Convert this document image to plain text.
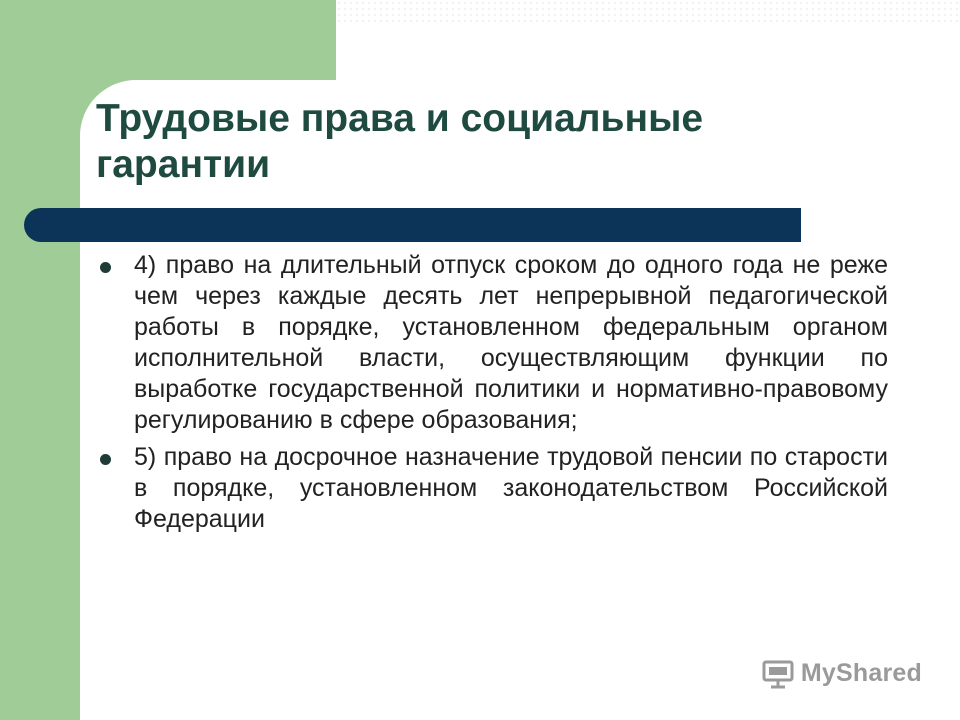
Трудовые права и социальные гарантии
4) право на длительный отпуск сроком до одного года не реже чем через каждые десять лет непрерывной педагогической работы в порядке, установленном федеральным органом исполнительной власти, осуществляющим функции по выработке государственной политики и нормативно-правовому регулированию в сфере образования;
5) право на досрочное назначение трудовой пенсии по старости в порядке, установленном законодательством Российской Федерации
MyShared
